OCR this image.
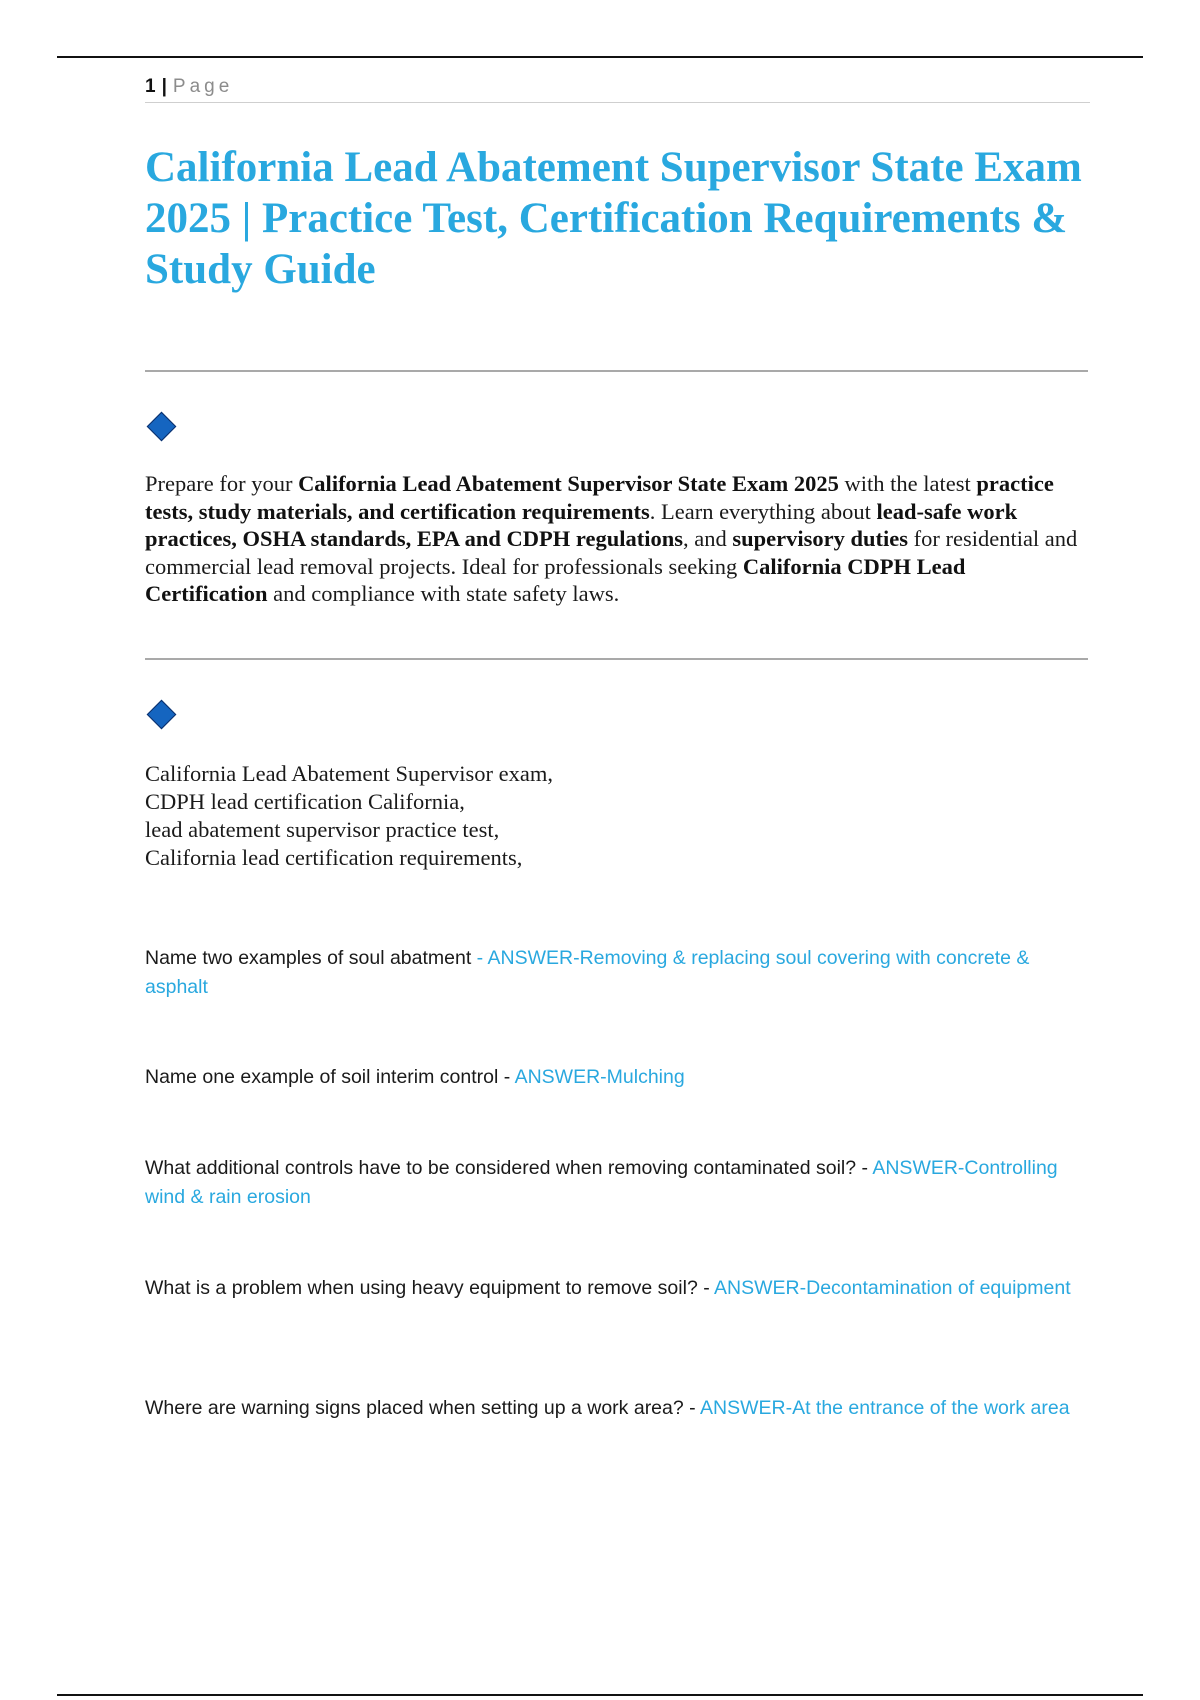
1 | Page
California Lead Abatement Supervisor State Exam 2025 | Practice Test, Certification Requirements & Study Guide

Prepare for your California Lead Abatement Supervisor State Exam 2025 with the latest practice tests, study materials, and certification requirements. Learn everything about lead-safe work practices, OSHA standards, EPA and CDPH regulations, and supervisory duties for residential and commercial lead removal projects. Ideal for professionals seeking California CDPH Lead Certification and compliance with state safety laws.

California Lead Abatement Supervisor exam,
CDPH lead certification California,
lead abatement supervisor practice test,
California lead certification requirements,

Name two examples of soul abatment - ANSWER-Removing & replacing soul covering with concrete & asphalt

Name one example of soil interim control - ANSWER-Mulching

What additional controls have to be considered when removing contaminated soil? - ANSWER-Controlling wind & rain erosion

What is a problem when using heavy equipment to remove soil? - ANSWER-Decontamination of equipment

Where are warning signs placed when setting up a work area? - ANSWER-At the entrance of the work area
